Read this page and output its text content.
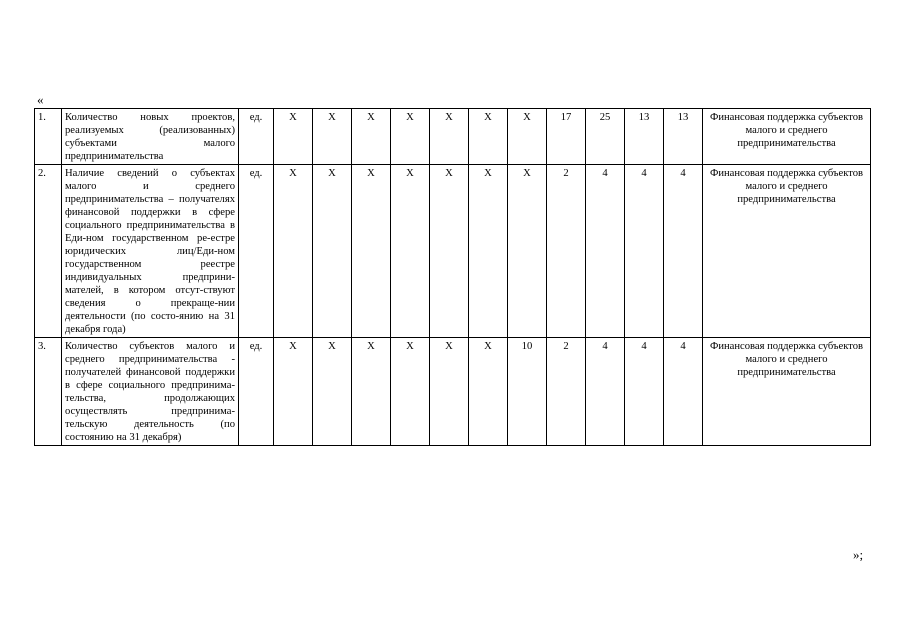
«
1.	Количество новых проектов, реализуемых (реализованных) субъектами малого предпринимательства	ед.	Х	Х	Х	Х	Х	Х	Х	17	25	13	13	Финансовая поддержка субъектов малого и среднего предпринимательства
2.	Наличие сведений о субъектах малого и среднего предпринимательства – получателях финансовой поддержки в сфере социального предпринимательства в Еди-ном государственном ре-естре юридических лиц/Еди-ном государственном реестре индивидуальных предприни-мателей, в котором отсут-ствуют сведения о прекраще-нии деятельности (по состо-янию на 31 декабря года)	ед.	Х	Х	Х	Х	Х	Х	Х	2	4	4	4	Финансовая поддержка субъектов малого и среднего предпринимательства
3.	Количество субъектов малого и среднего предпринимательства - получателей финансовой поддержки в сфере социального предпринима-тельства, продолжающих осуществлять предпринима-тельскую деятельность (по состоянию на 31 декабря)	ед.	Х	Х	Х	Х	Х	Х	10	2	4	4	4	Финансовая поддержка субъектов малого и среднего предпринимательства
»;
